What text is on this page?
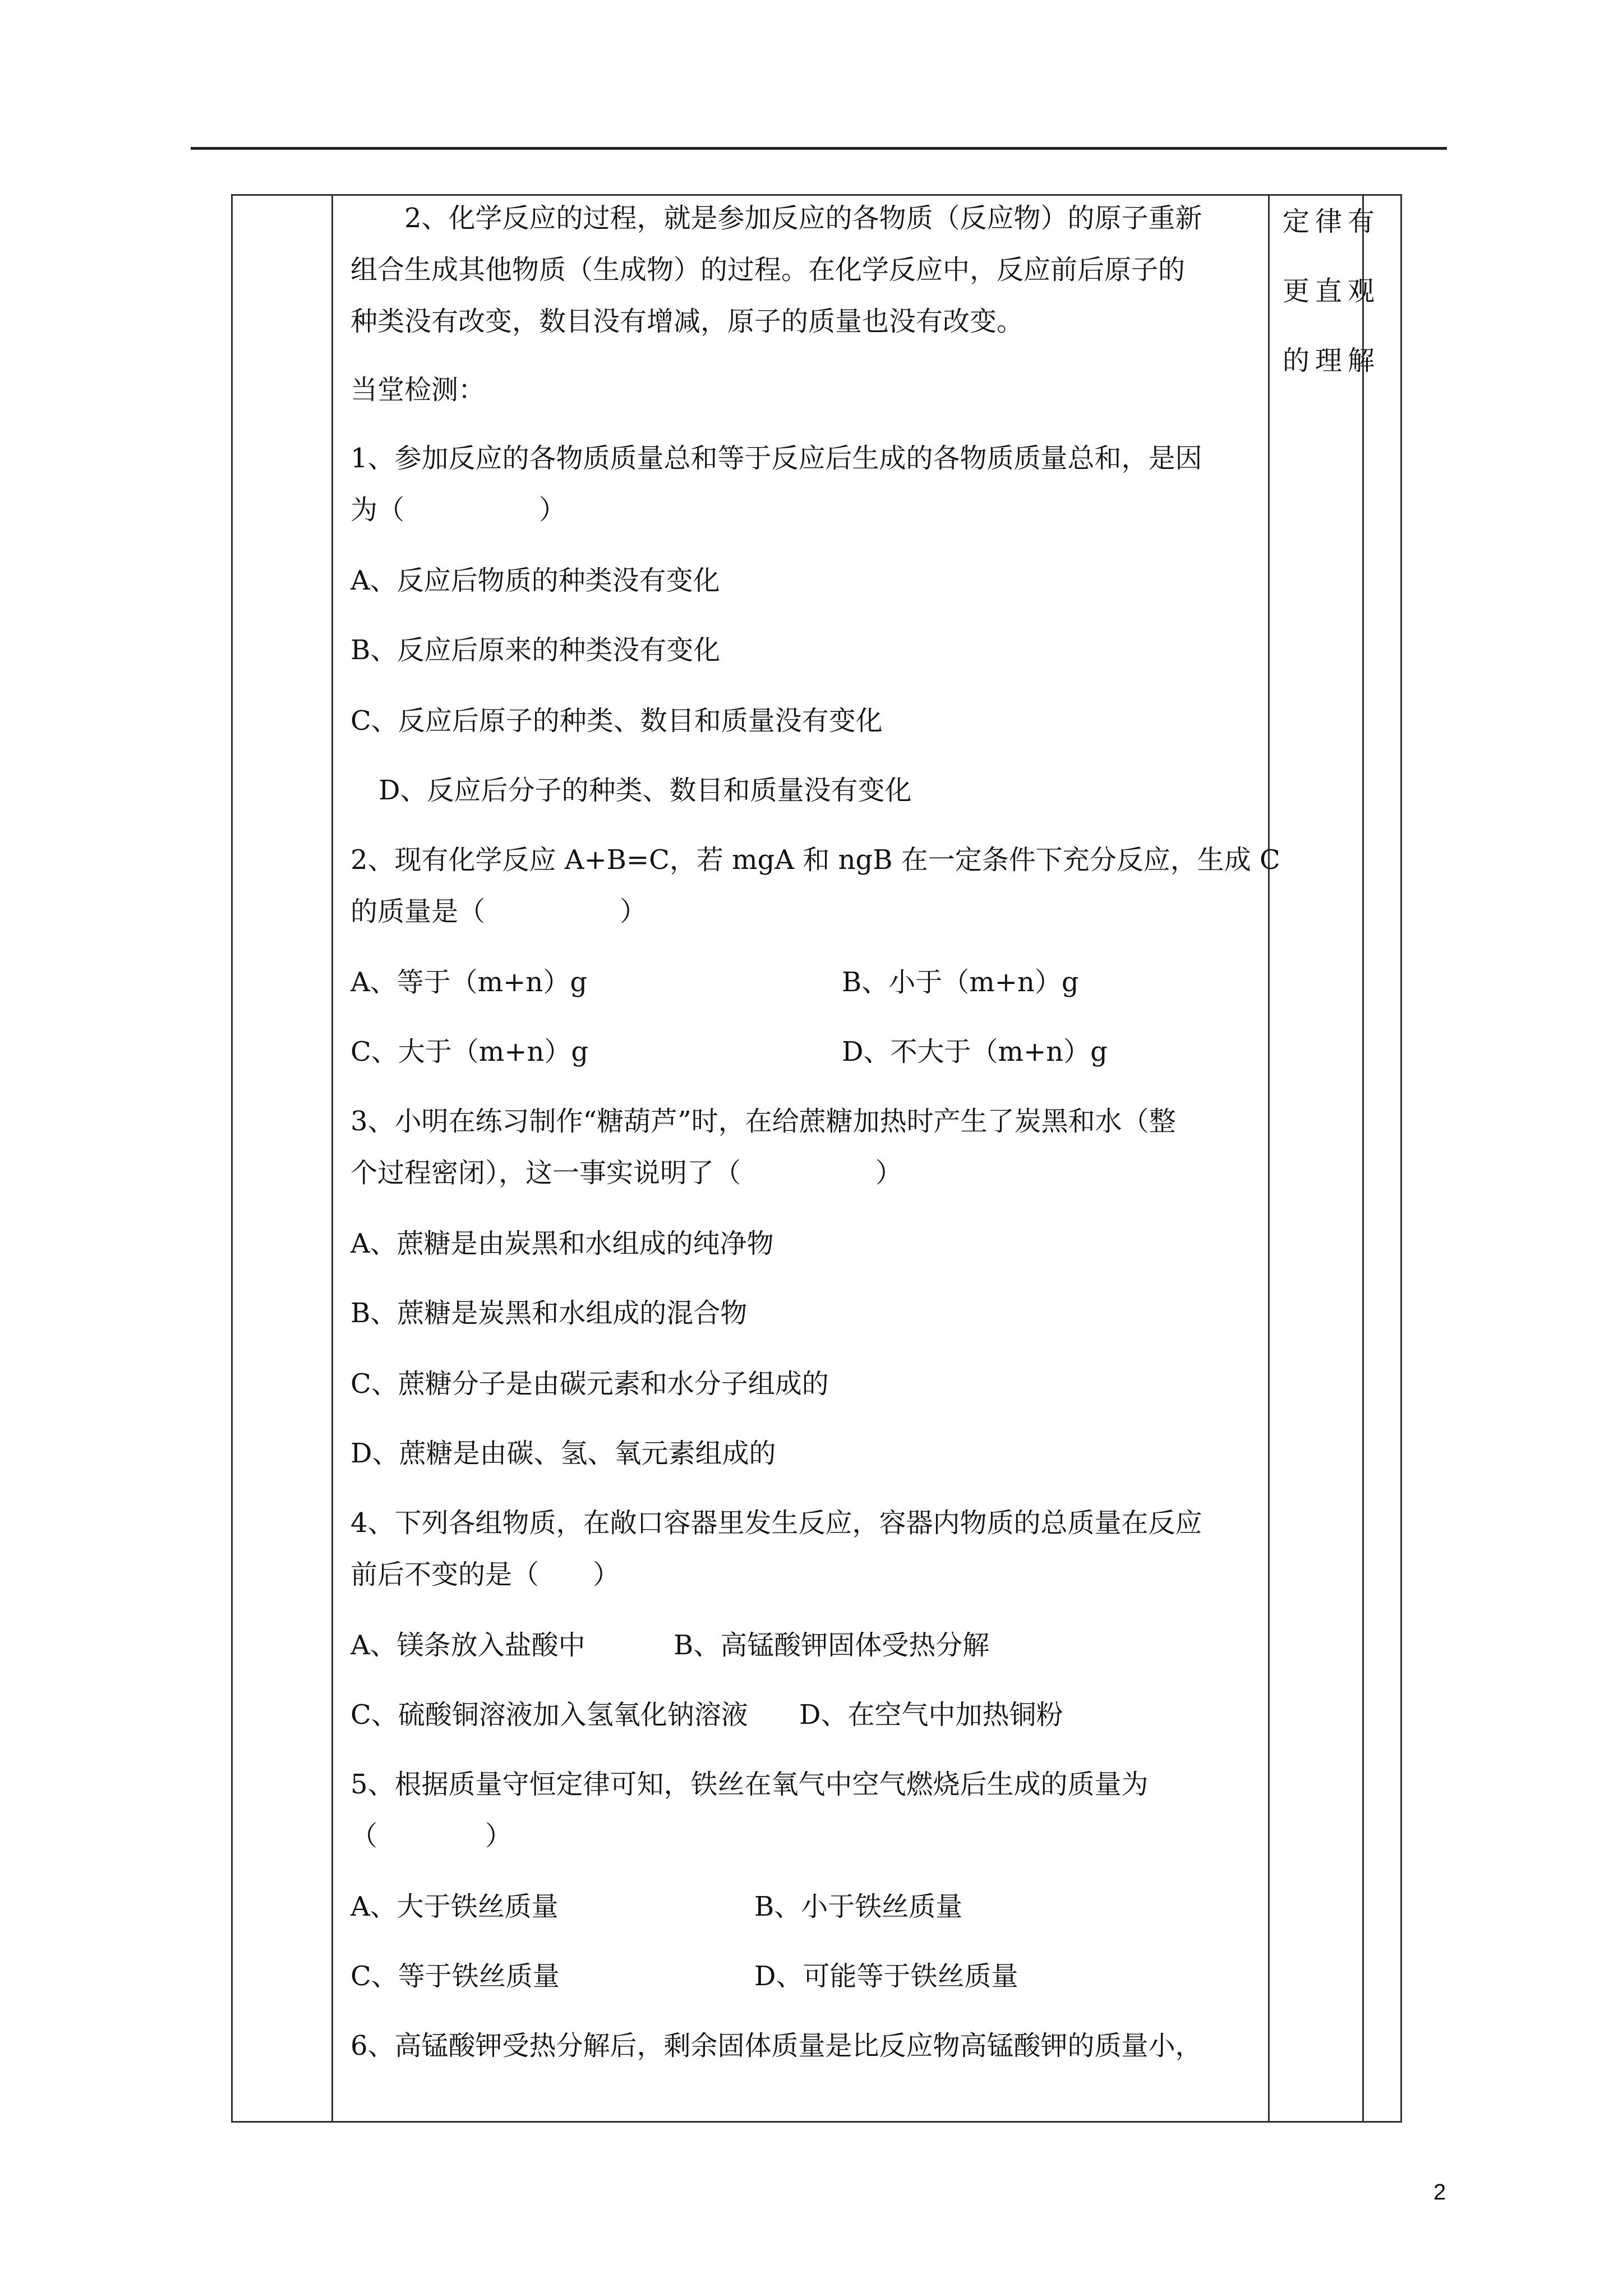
2、化学反应的过程，就是参加反应的各物质（反应物）的原子重新
组合生成其他物质（生成物）的过程。在化学反应中，反应前后原子的
种类没有改变，数目没有增减，原子的质量也没有改变。
当堂检测：
1、参加反应的各物质质量总和等于反应后生成的各物质质量总和，是因
为（　　　　　）
A、反应后物质的种类没有变化
B、反应后原来的种类没有变化
C、反应后原子的种类、数目和质量没有变化
D、反应后分子的种类、数目和质量没有变化
2、现有化学反应 A+B=C，若 mgA 和 ngB 在一定条件下充分反应，生成 C
的质量是（　　　　　）
A、等于（m+n）g	B、小于（m+n）g
C、大于（m+n）g	D、不大于（m+n）g
3、小明在练习制作“糖葫芦”时，在给蔗糖加热时产生了炭黑和水（整
个过程密闭），这一事实说明了（　　　　　）
A、蔗糖是由炭黑和水组成的纯净物
B、蔗糖是炭黑和水组成的混合物
C、蔗糖分子是由碳元素和水分子组成的
D、蔗糖是由碳、氢、氧元素组成的
4、下列各组物质，在敞口容器里发生反应，容器内物质的总质量在反应
前后不变的是（　　）
A、镁条放入盐酸中	B、高锰酸钾固体受热分解
C、硫酸铜溶液加入氢氧化钠溶液 D、在空气中加热铜粉
5、根据质量守恒定律可知，铁丝在氧气中空气燃烧后生成的质量为
（　　　　）
A、大于铁丝质量	B、小于铁丝质量
C、等于铁丝质量	D、可能等于铁丝质量
6、高锰酸钾受热分解后，剩余固体质量是比反应物高锰酸钾的质量小，
定律有
更直观
的理解
2
